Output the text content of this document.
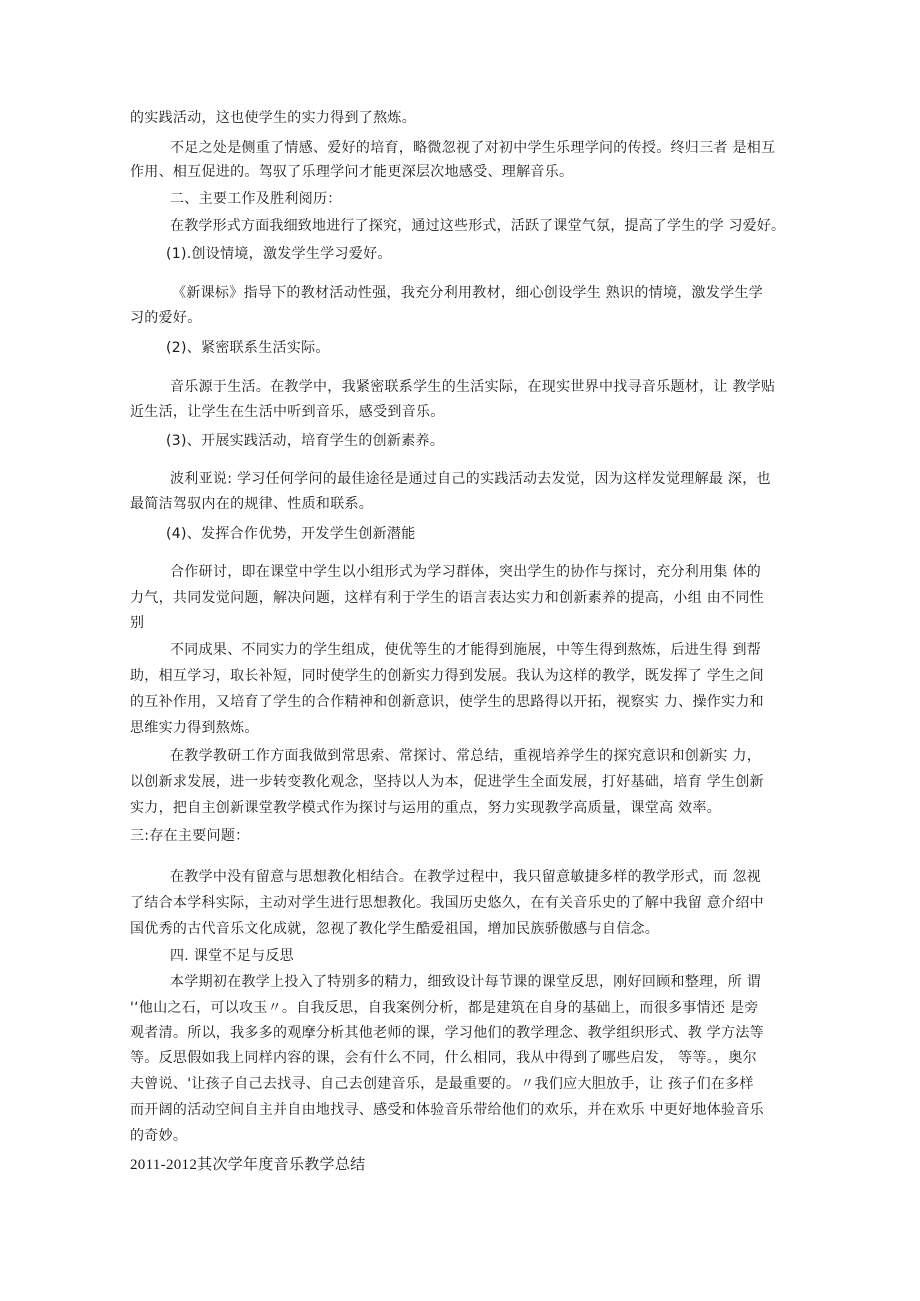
的实践活动，这也使学生的实力得到了熬炼。
不足之处是侧重了情感、爱好的培育，略微忽视了对初中学生乐理学问的传授。终归三者 是相互
作用、相互促进的。驾驭了乐理学问才能更深层次地感受、理解音乐。
二、主要工作及胜利阅历：
在教学形式方面我细致地进行了探究，通过这些形式，活跃了课堂气氛，提高了学生的学 习爱好。
(1).创设情境，激发学生学习爱好。
《新课标》指导下的教材活动性强，我充分利用教材，细心创设学生 熟识的情境，激发学生学
习的爱好。
(2)、紧密联系生活实际。
音乐源于生活。在教学中，我紧密联系学生的生活实际，在现实世界中找寻音乐题材，让 教学贴
近生活，让学生在生活中听到音乐，感受到音乐。
(3)、开展实践活动，培育学生的创新素养。
波利亚说: 学习任何学问的最佳途径是通过自己的实践活动去发觉，因为这样发觉理解最 深，也
最简洁驾驭内在的规律、性质和联系。
(4)、发挥合作优势，开发学生创新潜能
合作研讨，即在课堂中学生以小组形式为学习群体，突出学生的协作与探讨，充分利用集 体的
力气，共同发觉问题，解决问题，这样有利于学生的语言表达实力和创新素养的提高，小组 由不同性
别
不同成果、不同实力的学生组成，使优等生的才能得到施展，中等生得到熬炼，后进生得 到帮
助，相互学习，取长补短，同时使学生的创新实力得到发展。我认为这样的教学，既发挥了 学生之间
的互补作用，又培育了学生的合作精神和创新意识，使学生的思路得以开拓，视察实 力、操作实力和
思维实力得到熬炼。
在教学教研工作方面我做到常思索、常探讨、常总结，重视培养学生的探究意识和创新实 力，
以创新求发展，进一步转变教化观念，坚持以人为本，促进学生全面发展，打好基础，培育 学生创新
实力，把自主创新课堂教学模式作为探讨与运用的重点，努力实现教学高质量，课堂高 效率。
三:存在主要问题：
在教学中没有留意与思想教化相结合。在教学过程中，我只留意敏捷多样的教学形式，而 忽视
了结合本学科实际，主动对学生进行思想教化。我国历史悠久，在有关音乐史的了解中我留 意介绍中
国优秀的古代音乐文化成就，忽视了教化学生酷爱祖国，增加民族骄傲感与自信念。
四. 课堂不足与反思
本学期初在教学上投入了特别多的精力，细致设计每节课的课堂反思，刚好回顾和整理，所 谓
'‘他山之石，可以攻玉〃。自我反思，自我案例分析，都是建筑在自身的基础上，而很多事情还 是旁
观者清。所以，我多多的观摩分析其他老师的课，学习他们的教学理念、教学组织形式、教 学方法等
等。反思假如我上同样内容的课，会有什么不同，什么相同，我从中得到了哪些启发， 等等。，奥尔
夫曾说、'让孩子自己去找寻、自己去创建音乐，是最重要的。〃我们应大胆放手，让 孩子们在多样
而开阔的活动空间自主并自由地找寻、感受和体验音乐带给他们的欢乐，并在欢乐 中更好地体验音乐
的奇妙。
2011-2012其次学年度音乐教学总结
